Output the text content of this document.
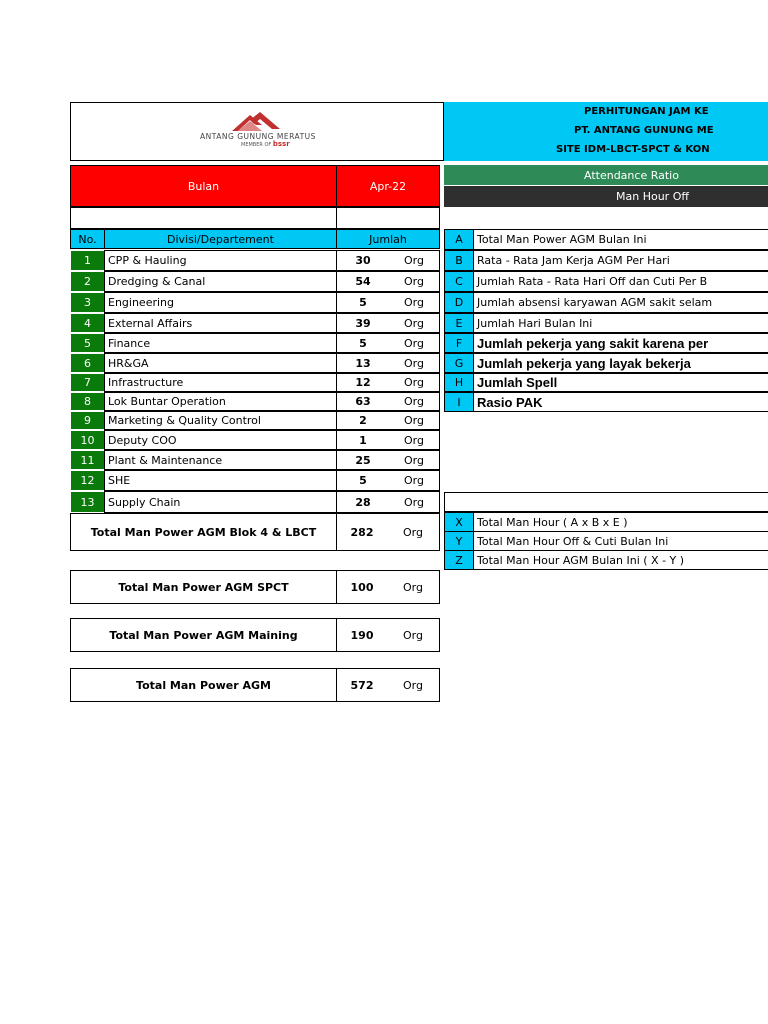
ANTANG GUNUNG MERATUS
MEMBER OF bssr
PERHITUNGAN JAM KE
PT. ANTANG GUNUNG ME
SITE IDM-LBCT-SPCT & KON
Bulan	Apr-22
Attendance Ratio
Man Hour Off
No.	Divisi/Departement	Jumlah
1	CPP & Hauling	30	Org
2	Dredging & Canal	54	Org
3	Engineering	5	Org
4	External Affairs	39	Org
5	Finance	5	Org
6	HR&GA	13	Org
7	Infrastructure	12	Org
8	Lok Buntar Operation	63	Org
9	Marketing & Quality Control	2	Org
10	Deputy COO	1	Org
11	Plant & Maintenance	25	Org
12	SHE	5	Org
13	Supply Chain	28	Org
Total Man Power AGM Blok 4 & LBCT	282	Org
Total Man Power AGM SPCT	100	Org
Total Man Power AGM Maining	190	Org
Total Man Power AGM	572	Org
A	Total Man Power AGM Bulan Ini
B	Rata - Rata Jam Kerja AGM Per Hari
C	Jumlah Rata - Rata Hari Off dan Cuti Per B
D	Jumlah absensi karyawan AGM sakit selam
E	Jumlah Hari Bulan Ini
F	Jumlah pekerja yang sakit karena per
G	Jumlah pekerja yang layak bekerja
H	Jumlah Spell
I	Rasio PAK
X	Total Man Hour ( A x B x E )
Y	Total Man Hour Off & Cuti Bulan Ini
Z	Total Man Hour AGM Bulan Ini ( X - Y )
